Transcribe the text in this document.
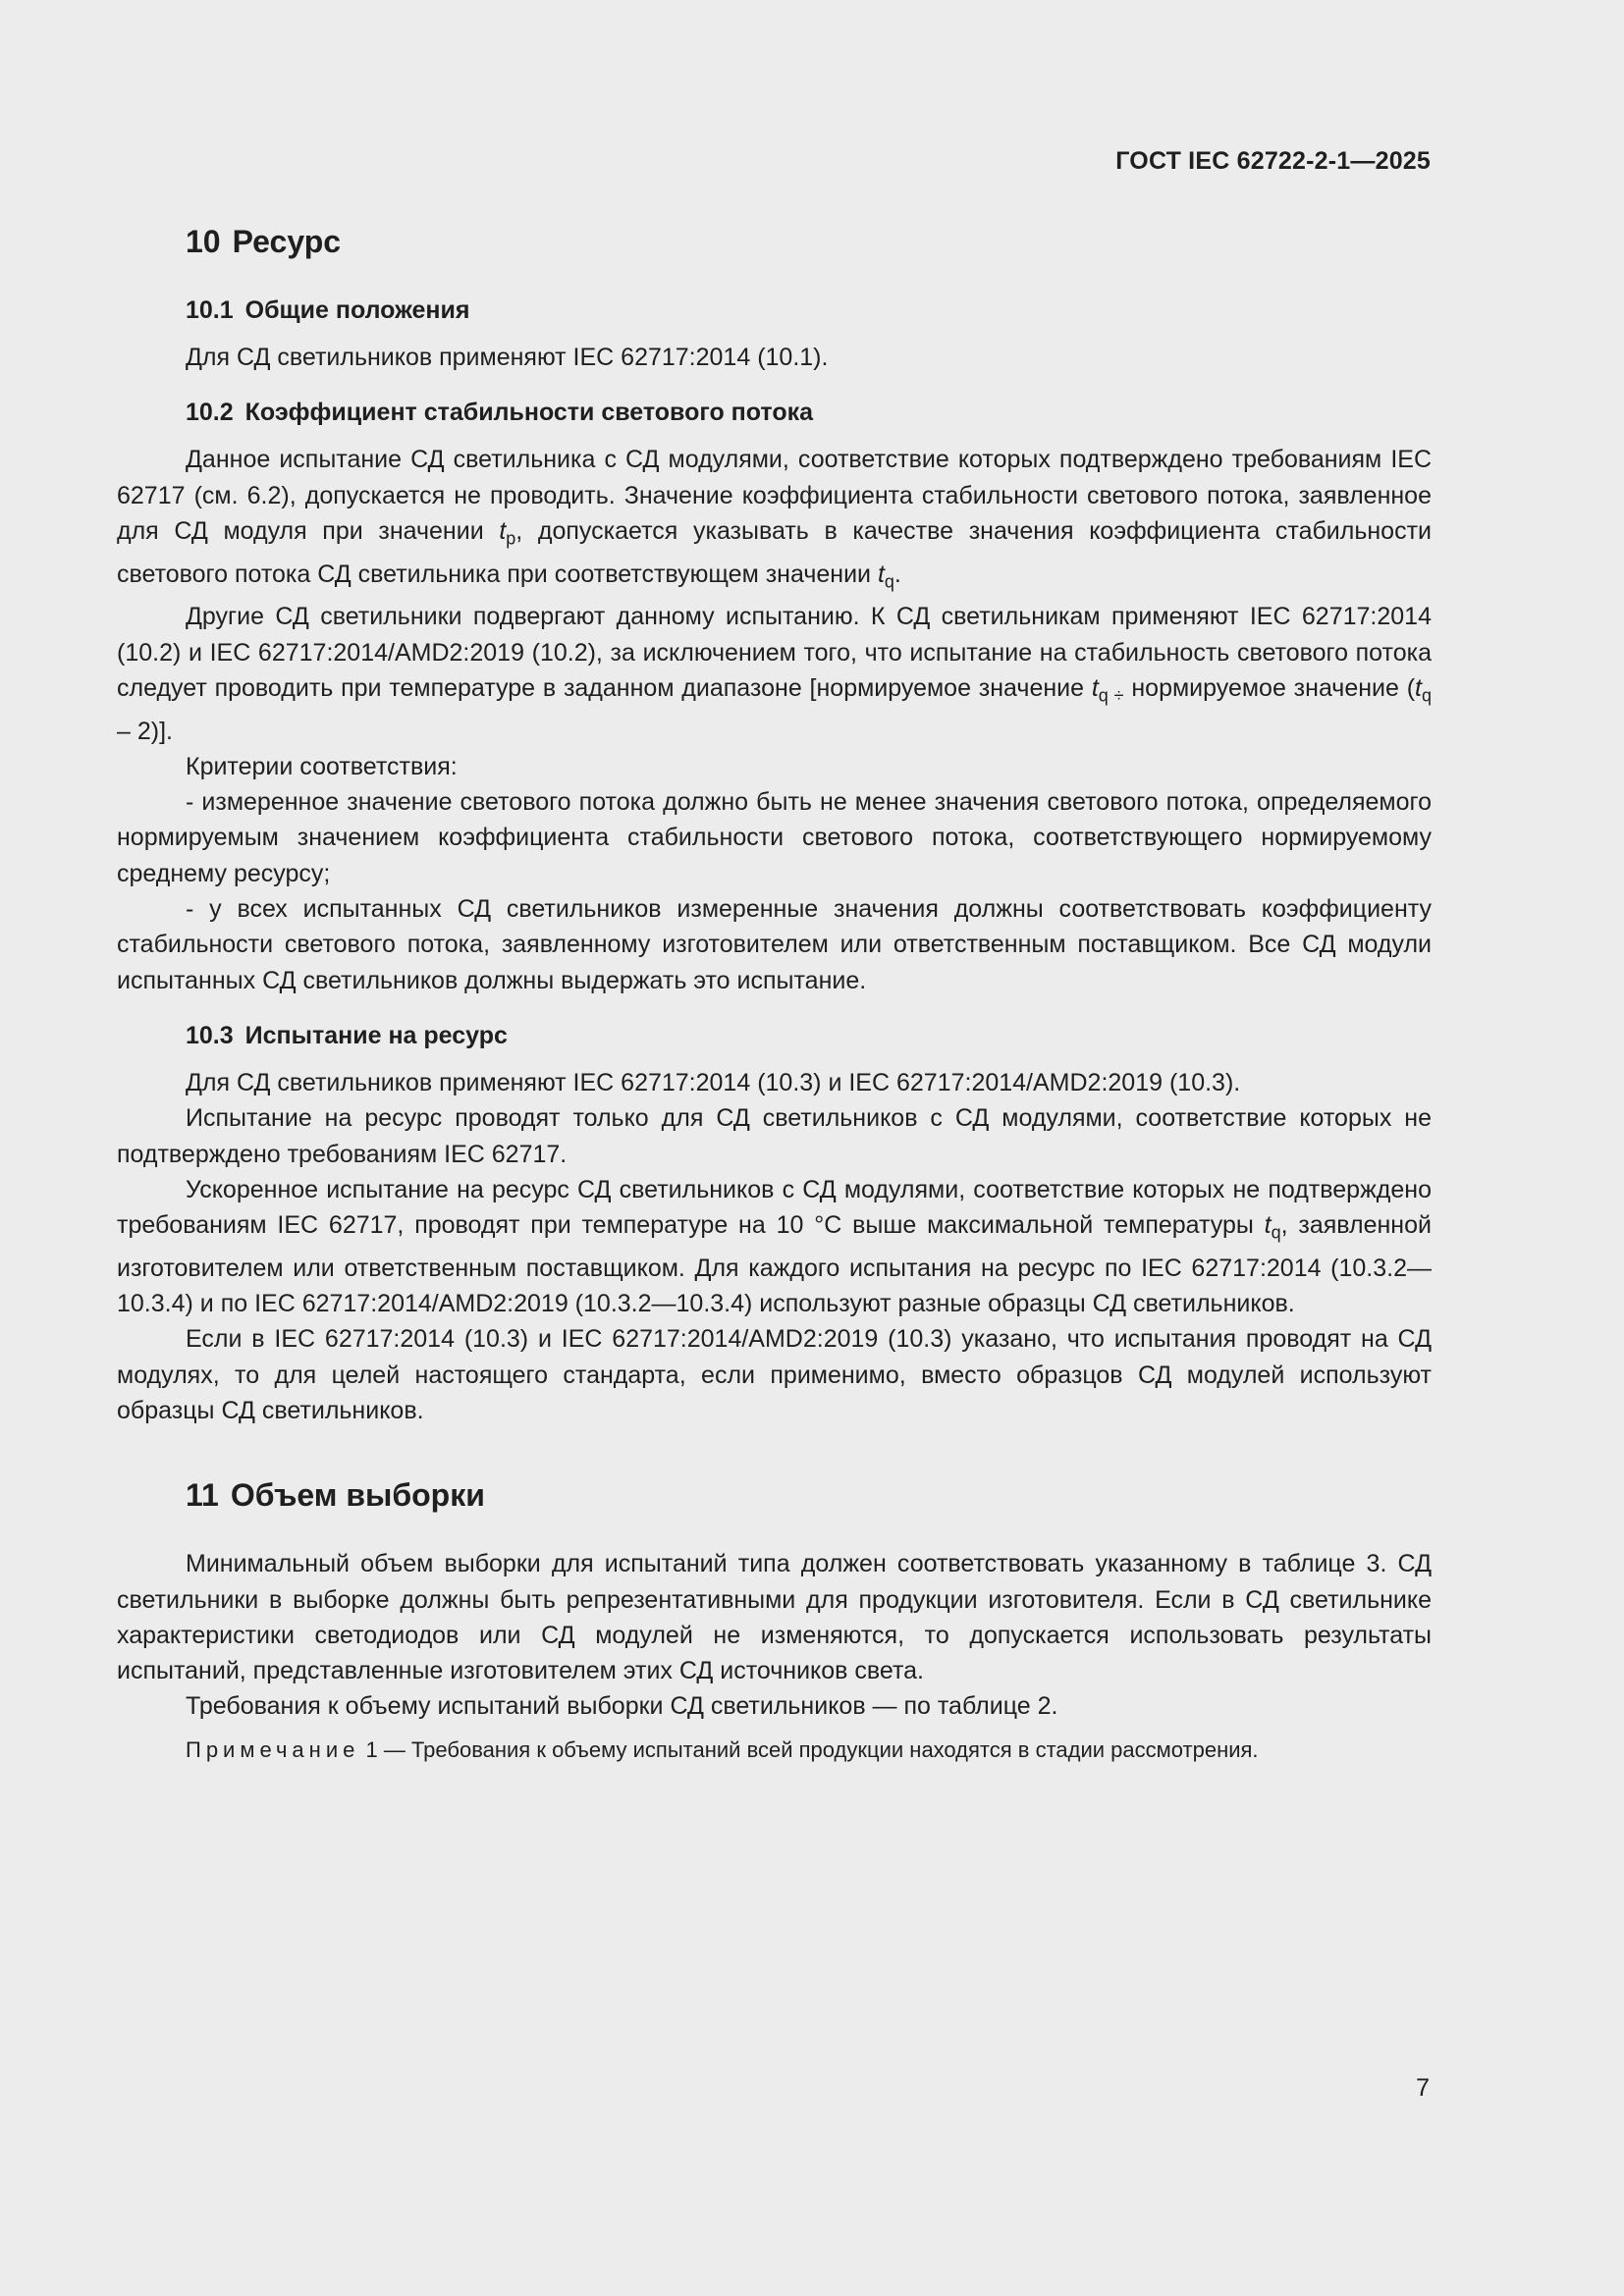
ГОСТ IEC 62722-2-1—2025
10 Ресурс
10.1 Общие положения

Для СД светильников применяют IEC 62717:2014 (10.1).

10.2 Коэффициент стабильности светового потока

Данное испытание СД светильника с СД модулями, соответствие которых подтверждено требованиям IEC 62717 (см. 6.2), допускается не проводить. Значение коэффициента стабильности светового потока, заявленное для СД модуля при значении $t_p$, допускается указывать в качестве значения коэффициента стабильности светового потока СД светильника при соответствующем значении $t_q$.

Другие СД светильники подвергают данному испытанию. К СД светильникам применяют IEC 62717:2014 (10.2) и IEC 62717:2014/AMD2:2019 (10.2), за исключением того, что испытание на стабильность светового потока следует проводить при температуре в заданном диапазоне [нормируемое значение $t_{q \div}$ нормируемое значение $(t_q - 2)$].

Критерии соответствия:

- измеренное значение светового потока должно быть не менее значения светового потока, определяемого нормируемым значением коэффициента стабильности светового потока, соответствующего нормируемому среднему ресурсу;

- у всех испытанных СД светильников измеренные значения должны соответствовать коэффициенту стабильности светового потока, заявленному изготовителем или ответственным поставщиком. Все СД модули испытанных СД светильников должны выдержать это испытание.

10.3 Испытание на ресурс

Для СД светильников применяют IEC 62717:2014 (10.3) и IEC 62717:2014/AMD2:2019 (10.3).

Испытание на ресурс проводят только для СД светильников с СД модулями, соответствие которых не подтверждено требованиям IEC 62717.

Ускоренное испытание на ресурс СД светильников с СД модулями, соответствие которых не подтверждено требованиям IEC 62717, проводят при температуре на 10 °С выше максимальной температуры $t_q$, заявленной изготовителем или ответственным поставщиком. Для каждого испытания на ресурс по IEC 62717:2014 (10.3.2—10.3.4) и по IEC 62717:2014/AMD2:2019 (10.3.2—10.3.4) используют разные образцы СД светильников.

Если в IEC 62717:2014 (10.3) и IEC 62717:2014/AMD2:2019 (10.3) указано, что испытания проводят на СД модулях, то для целей настоящего стандарта, если применимо, вместо образцов СД модулей используют образцы СД светильников.

11 Объем выборки

Минимальный объем выборки для испытаний типа должен соответствовать указанному в таблице 3. СД светильники в выборке должны быть репрезентативными для продукции изготовителя. Если в СД светильнике характеристики светодиодов или СД модулей не изменяются, то допускается использовать результаты испытаний, представленные изготовителем этих СД источников света.

Требования к объему испытаний выборки СД светильников — по таблице 2.

Примечание 1 — Требования к объему испытаний всей продукции находятся в стадии рассмотрения.
7
